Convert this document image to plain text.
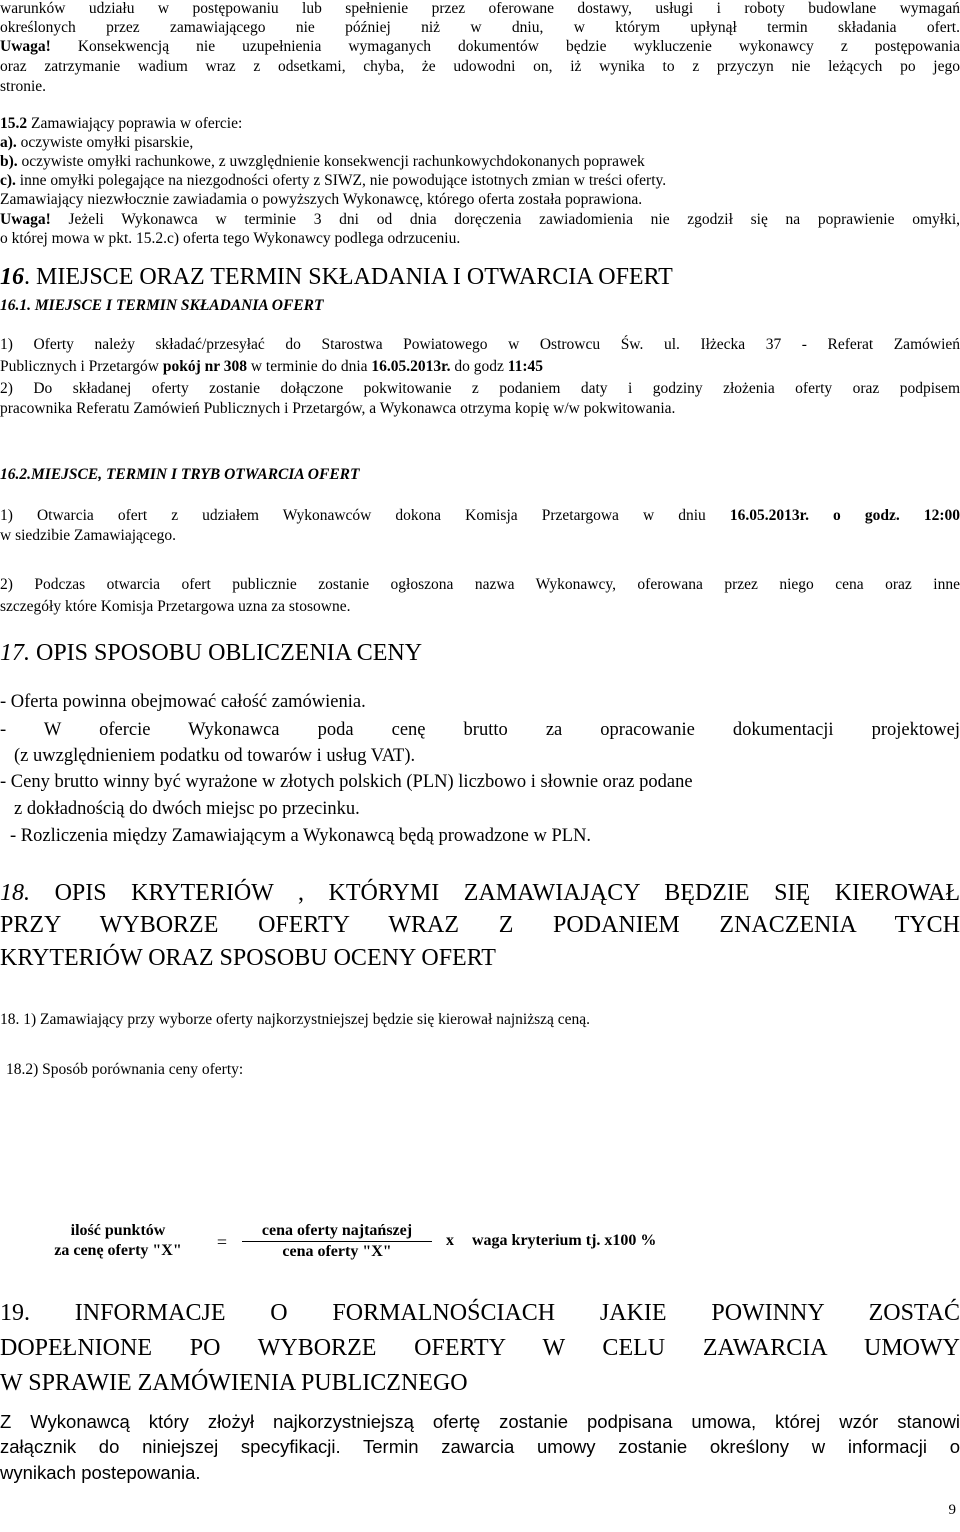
warunków udziału w postępowaniu lub spełnienie przez oferowane dostawy, usługi i roboty budowlane wymagań
określonych przez zamawiającego nie później niż w dniu, w którym upłynął termin składania ofert.
Uwaga! Konsekwencją nie uzupełnienia wymaganych dokumentów będzie wykluczenie wykonawcy z postępowania
oraz zatrzymanie wadium wraz z odsetkami, chyba, że udowodni on, iż wynika to z przyczyn nie leżących po jego
stronie.
15.2 Zamawiający poprawia w ofercie:
a). oczywiste omyłki pisarskie,
b). oczywiste omyłki rachunkowe, z uwzględnienie konsekwencji rachunkowychdokonanych poprawek
c). inne omyłki polegające na niezgodności oferty z SIWZ, nie powodujące istotnych zmian w treści oferty.
Zamawiający niezwłocznie zawiadamia o powyższych Wykonawcę, którego oferta została poprawiona.
Uwaga! Jeżeli Wykonawca w terminie 3 dni od dnia doręczenia zawiadomienia nie zgodził się na poprawienie omyłki,
o której mowa w pkt. 15.2.c) oferta tego Wykonawcy podlega odrzuceniu.
16. MIEJSCE ORAZ TERMIN SKŁADANIA I OTWARCIA OFERT
16.1. MIEJSCE I TERMIN SKŁADANIA OFERT
1) Oferty należy składać/przesyłać do Starostwa Powiatowego w Ostrowcu Św. ul. Iłżecka 37 - Referat Zamówień
Publicznych i Przetargów pokój nr 308 w terminie do dnia 16.05.2013r. do godz 11:45
2) Do składanej oferty zostanie dołączone pokwitowanie z podaniem daty i godziny złożenia oferty oraz podpisem
pracownika Referatu Zamówień Publicznych i Przetargów, a Wykonawca otrzyma kopię w/w pokwitowania.
16.2.MIEJSCE, TERMIN I TRYB OTWARCIA OFERT
1) Otwarcia ofert z udziałem Wykonawców dokona Komisja Przetargowa w dniu 16.05.2013r. o godz. 12:00
w siedzibie Zamawiającego.
2) Podczas otwarcia ofert publicznie zostanie ogłoszona nazwa Wykonawcy, oferowana przez niego cena oraz inne
szczegóły które Komisja Przetargowa uzna za stosowne.
17. OPIS SPOSOBU OBLICZENIA CENY
- Oferta powinna obejmować całość zamówienia.
- W ofercie Wykonawca poda cenę brutto za opracowanie dokumentacji projektowej
(z uwzględnieniem podatku od towarów i usług VAT).
- Ceny brutto winny być wyrażone w złotych polskich (PLN) liczbowo i słownie oraz podane
z dokładnością do dwóch miejsc po przecinku.
- Rozliczenia między Zamawiającym a Wykonawcą będą prowadzone w PLN.
18. OPIS KRYTERIÓW , KTÓRYMI ZAMAWIAJĄCY BĘDZIE SIĘ KIEROWAŁ
PRZY WYBORZE OFERTY WRAZ Z PODANIEM ZNACZENIA TYCH
KRYTERIÓW ORAZ SPOSOBU OCENY OFERT
18. 1) Zamawiający przy wyborze oferty najkorzystniejszej będzie się kierował najniższą ceną.
18.2) Sposób porównania ceny oferty:
ilość punktów
za cenę oferty "X"	=
cena oferty najtańszej
cena oferty "X"
x	waga kryterium tj. x100 %
19. INFORMACJE O FORMALNOŚCIACH JAKIE POWINNY ZOSTAĆ
DOPEŁNIONE PO WYBORZE OFERTY W CELU ZAWARCIA UMOWY
W SPRAWIE ZAMÓWIENIA PUBLICZNEGO
Z Wykonawcą który złożył najkorzystniejszą ofertę zostanie podpisana umowa, której wzór stanowi
załącznik do niniejszej specyfikacji. Termin zawarcia umowy zostanie określony w informacji o
wynikach postepowania.
9
